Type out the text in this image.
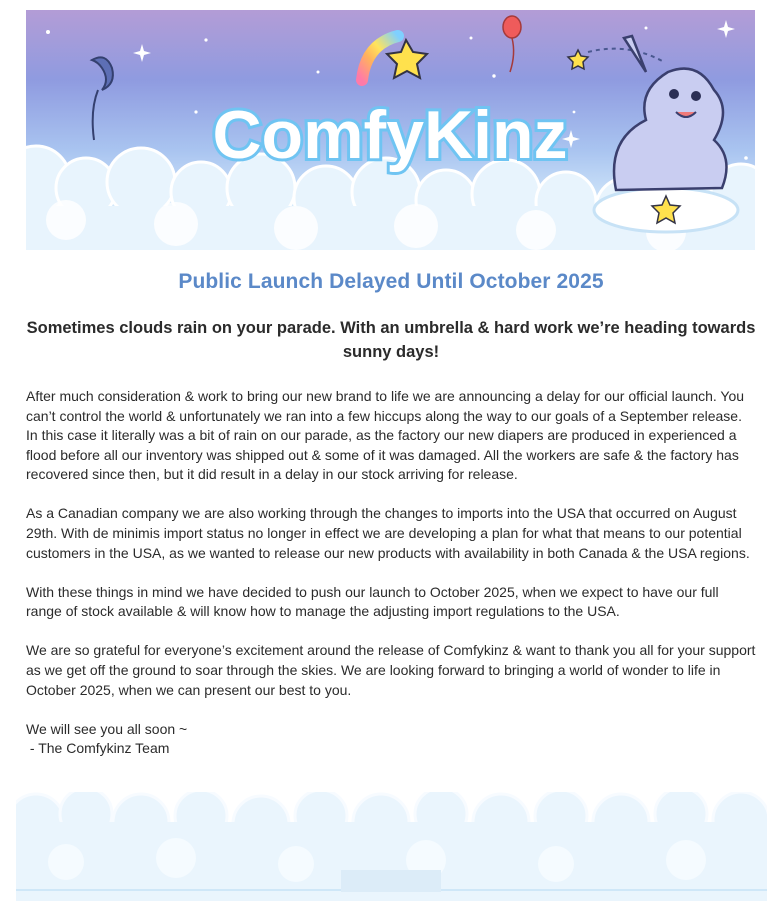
ComfyKinz
Public Launch Delayed Until October 2025

Sometimes clouds rain on your parade. With an umbrella & hard work we’re heading towards sunny days!

After much consideration & work to bring our new brand to life we are announcing a delay for our official launch. You can’t control the world & unfortunately we ran into a few hiccups along the way to our goals of a September release. In this case it literally was a bit of rain on our parade, as the factory our new diapers are produced in experienced a flood before all our inventory was shipped out & some of it was damaged. All the workers are safe & the factory has recovered since then, but it did result in a delay in our stock arriving for release.

As a Canadian company we are also working through the changes to imports into the USA that occurred on August 29th. With de minimis import status no longer in effect we are developing a plan for what that means to our potential customers in the USA, as we wanted to release our new products with availability in both Canada & the USA regions.

With these things in mind we have decided to push our launch to October 2025, when we expect to have our full range of stock available & will know how to manage the adjusting import regulations to the USA.

We are so grateful for everyone’s excitement around the release of Comfykinz & want to thank you all for your support as we get off the ground to soar through the skies. We are looking forward to bringing a world of wonder to life in October 2025, when we can present our best to you.

We will see you all soon ~
- The Comfykinz Team
